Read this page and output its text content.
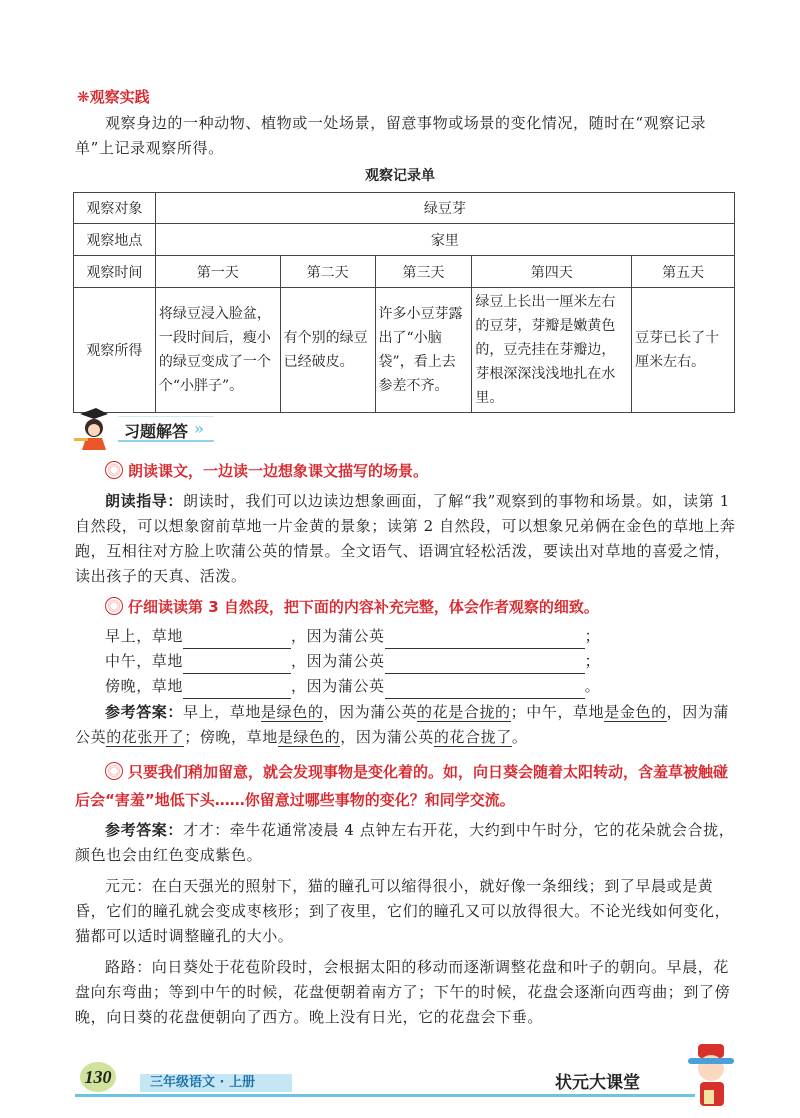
❋观察实践
观察身边的一种动物、植物或一处场景，留意事物或场景的变化情况，随时在“观察记录单”上记录观察所得。
观察记录单
观察对象	绿豆芽				
观察地点	家里				
观察时间	第一天	第二天	第三天	第四天	第五天
观察所得	将绿豆浸入脸盆，一段时间后，瘦小的绿豆变成了一个个“小胖子”。	有个别的绿豆已经破皮。	许多小豆芽露出了“小脑袋”，看上去参差不齐。	绿豆上长出一厘米左右的豆芽，芽瓣是嫩黄色的，豆壳挂在芽瓣边，芽根深深浅浅地扎在水里。	豆芽已长了十厘米左右。
习题解答 »
朗读课文，一边读一边想象课文描写的场景。
朗读指导：朗读时，我们可以边读边想象画面，了解“我”观察到的事物和场景。如，读第 1 自然段，可以想象窗前草地一片金黄的景象；读第 2 自然段，可以想象兄弟俩在金色的草地上奔跑，互相往对方脸上吹蒲公英的情景。全文语气、语调宜轻松活泼，要读出对草地的喜爱之情，读出孩子的天真、活泼。
仔细读读第 3 自然段，把下面的内容补充完整，体会作者观察的细致。
早上，草地	，因为蒲公英	；
中午，草地	，因为蒲公英	；
傍晚，草地	，因为蒲公英	。
参考答案：早上，草地是绿色的，因为蒲公英的花是合拢的；中午，草地是金色的，因为蒲公英的花张开了；傍晚，草地是绿色的，因为蒲公英的花合拢了。
只要我们稍加留意，就会发现事物是变化着的。如，向日葵会随着太阳转动，含羞草被触碰后会“害羞”地低下头……你留意过哪些事物的变化？和同学交流。
参考答案：才才：牵牛花通常凌晨 4 点钟左右开花，大约到中午时分，它的花朵就会合拢，颜色也会由红色变成紫色。
元元：在白天强光的照射下，猫的瞳孔可以缩得很小，就好像一条细线；到了早晨或是黄昏，它们的瞳孔就会变成枣核形；到了夜里，它们的瞳孔又可以放得很大。不论光线如何变化，猫都可以适时调整瞳孔的大小。
路路：向日葵处于花苞阶段时，会根据太阳的移动而逐渐调整花盘和叶子的朝向。早晨，花盘向东弯曲；等到中午的时候，花盘便朝着南方了；下午的时候，花盘会逐渐向西弯曲；到了傍晚，向日葵的花盘便朝向了西方。晚上没有日光，它的花盘会下垂。
130	三年级语文 · 上册	状元大课堂
